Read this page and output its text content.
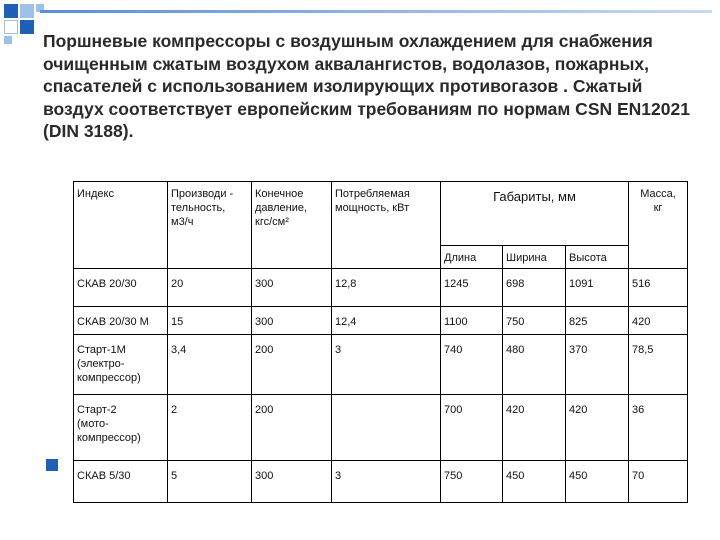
Поршневые компрессоры с воздушным охлаждением для снабжения очищенным сжатым воздухом аквалангистов, водолазов, пожарных, спасателей с использованием изолирующих противогазов . Сжатый воздух соответствует европейским требованиям по нормам CSN EN12021 (DIN 3188).

Индекс	Производи -
тельность,
м3/ч	Конечное
давление,
кгс/см²	Потребляемая
мощность, кВт	Габариты, мм			Масса,
кг
				Длина	Ширина	Высота	
СКАВ 20/30	20	300	12,8	1245	698	1091	516
СКАВ 20/30 М	15	300	12,4	1100	750	825	420
Старт-1М
(электро-
компрессор)	3,4	200	3	740	480	370	78,5
Старт-2
(мото-
компрессор)	2	200		700	420	420	36
СКАВ 5/30	5	300	3	750	450	450	70
